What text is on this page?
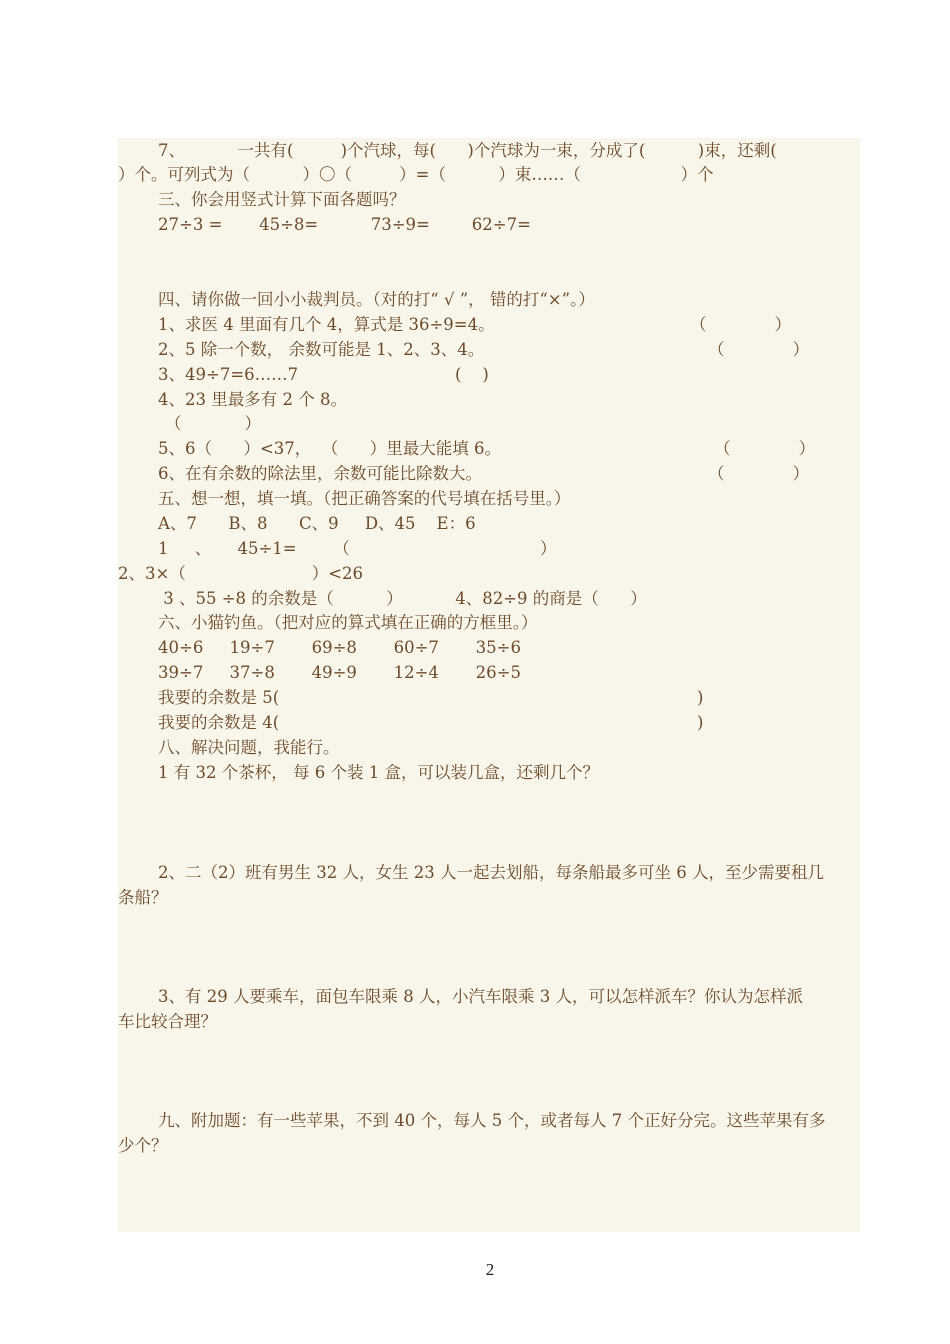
7、          一共有(         )个汽球，每(      )个汽球为一束，分成了(          )束，还剩(
）个。可列式为（          ）〇（         ）=（          ）束……（                   ）个
三、你会用竖式计算下面各题吗？
27÷3 =       45÷8=          73÷9=        62÷7=
四、请你做一回小小裁判员。（对的打“ √ ”， 错的打“×”。）
1、求医 4 里面有几个 4，算式是 36÷9=4。	（             ）
2、5 除一个数， 余数可能是 1、2、3、4。	（             ）
3、49÷7=6……7	(    )
4、23 里最多有 2 个 8。
（            ）
5、6（      ）<37，  （      ）里最大能填 6。	（             ）
6、在有余数的除法里，余数可能比除数大。	（             ）
五、想一想，填一填。（把正确答案的代号填在括号里。）
A、7      B、8      C、9     D、45    E：6
1     、     45÷1=       （	）
2、3×（                        ）<26
3 、55 ÷8 的余数是（          ）          4、82÷9 的商是（      ）
六、小猫钓鱼。（把对应的算式填在正确的方框里。）
40÷6     19÷7       69÷8       60÷7       35÷6
39÷7     37÷8       49÷9       12÷4       26÷5
我要的余数是 5(	)
我要的余数是 4(	)
八、解决问题，我能行。
1 有 32 个茶杯， 每 6 个装 1 盒，可以装几盒，还剩几个？
2、二（2）班有男生 32 人，女生 23 人一起去划船，每条船最多可坐 6 人，至少需要租几
条船？
3、有 29 人要乘车，面包车限乘 8 人，小汽车限乘 3 人，可以怎样派车？你认为怎样派
车比较合理？
九、附加题：有一些苹果，不到 40 个，每人 5 个，或者每人 7 个正好分完。这些苹果有多
少个？
2
